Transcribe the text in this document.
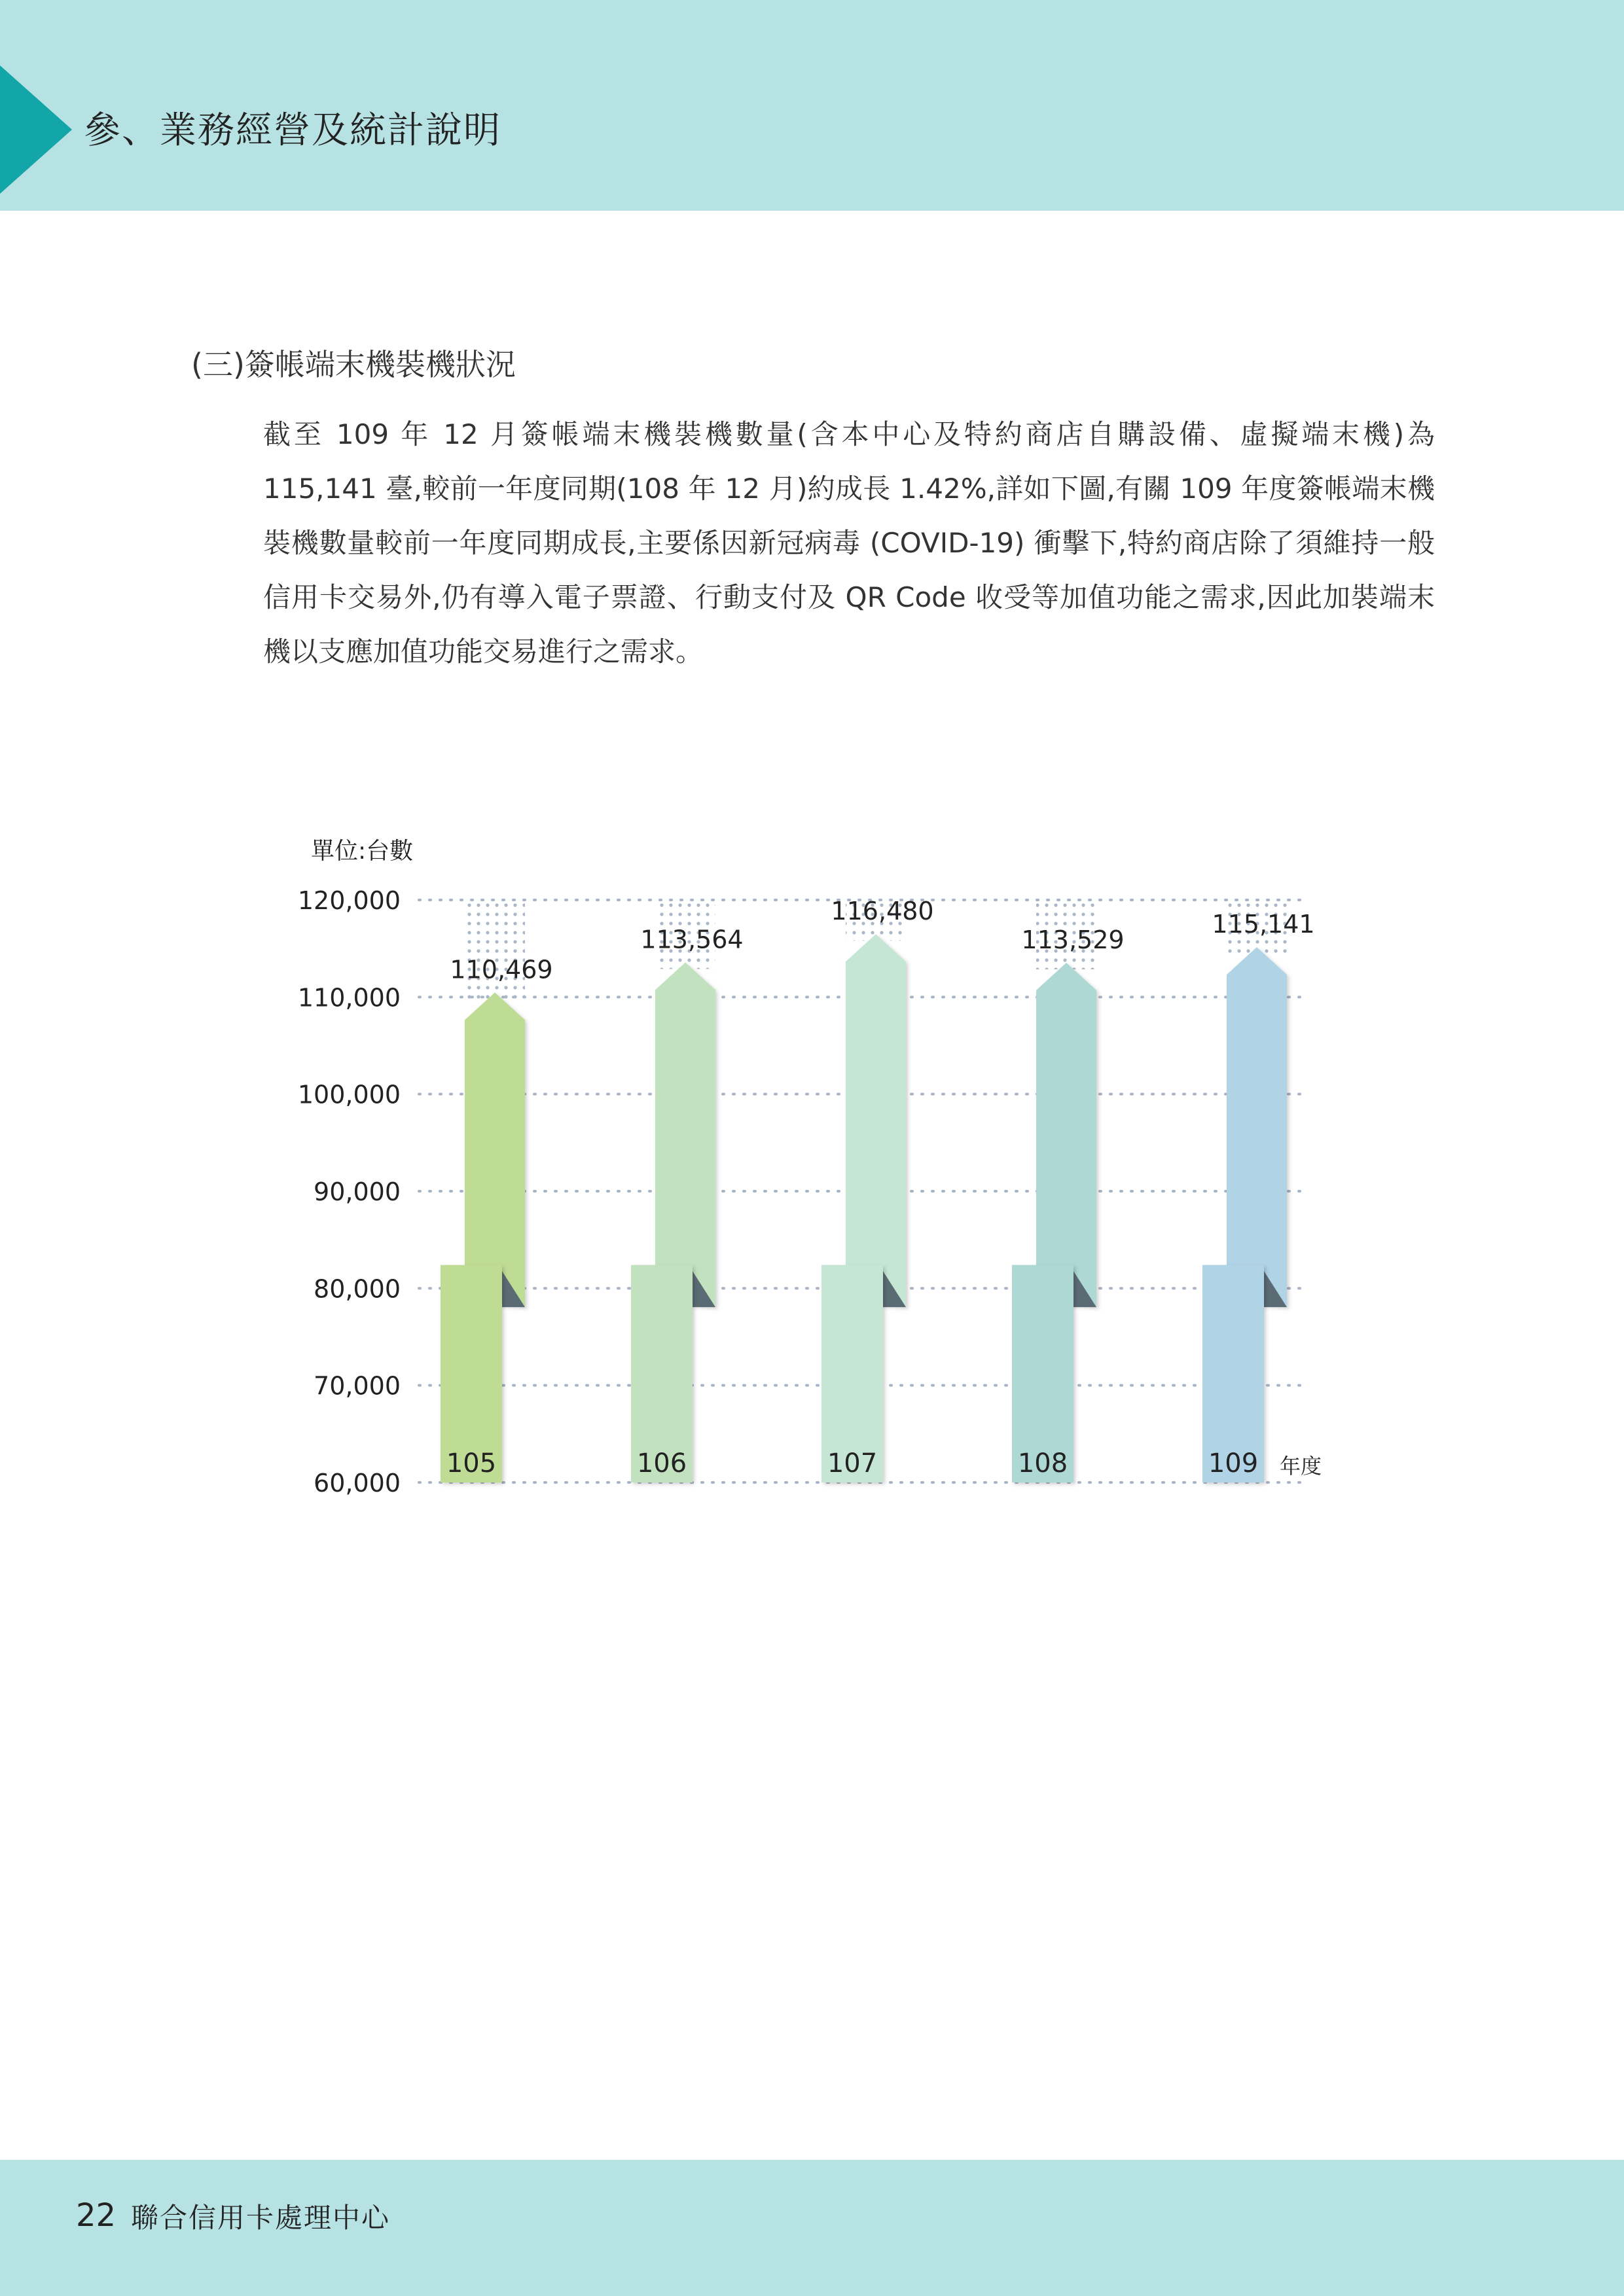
參、業務經營及統計說明
(三)簽帳端末機裝機狀況

截至 109 年 12 月簽帳端末機裝機數量(含本中心及特約商店自購設備、虛擬端末機)為 115,141 臺,較前一年度同期(108 年 12 月)約成長 1.42%,詳如下圖,有關 109 年度簽帳端末機裝機數量較前一年度同期成長,主要係因新冠病毒 (COVID-19) 衝擊下,特約商店除了須維持一般信用卡交易外,仍有導入電子票證、行動支付及 QR Code 收受等加值功能之需求,因此加裝端末機以支應加值功能交易進行之需求。

單位:台數
60,000
70,000
80,000
90,000
100,000
110,000
120,000
105
110,469
106
113,564
107
116,480
108
113,529
109
115,141
年度
22 聯合信用卡處理中心
